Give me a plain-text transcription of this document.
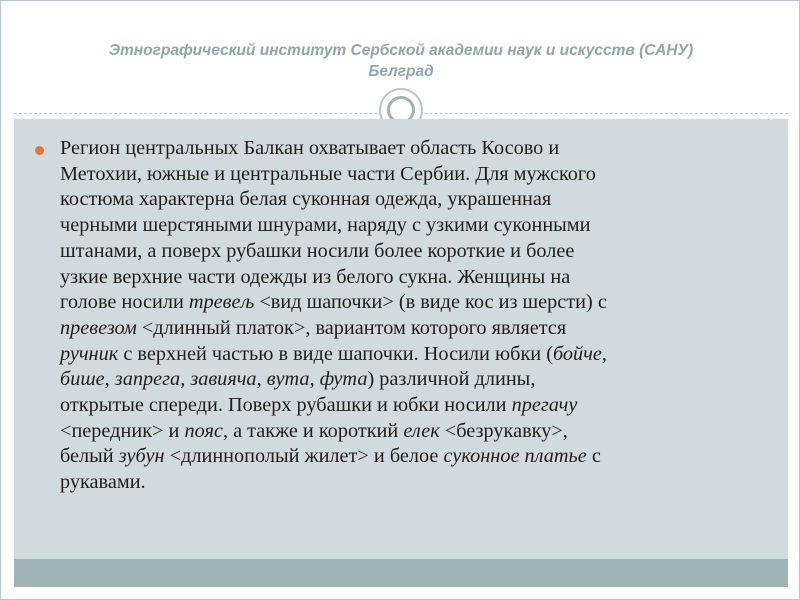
Этнографический институт Сербской академии наук и искусств (САНУ)
Белград
Регион центральных Балкан охватывает область Косово и
Метохии, южные и центральные части Сербии. Для мужского
костюма характерна белая суконная одежда, украшенная
черными шерстяными шнурами, наряду с узкими суконными
штанами, а поверх рубашки носили более короткие и более
узкие верхние части одежды из белого сукна. Женщины на
голове носили тревељ <вид шапочки> (в виде кос из шерсти) с
превезом <длинный платок>, вариантом которого является
ручник с верхней частью в виде шапочки. Носили юбки (бойче,
бише, запрега, завияча, вута, фута) различной длины,
открытые спереди. Поверх рубашки и юбки носили прегачу
<передник> и пояс, а также и короткий елек <безрукавку>,
белый зубун <длиннополый жилет> и белое суконное платье с
рукавами.
